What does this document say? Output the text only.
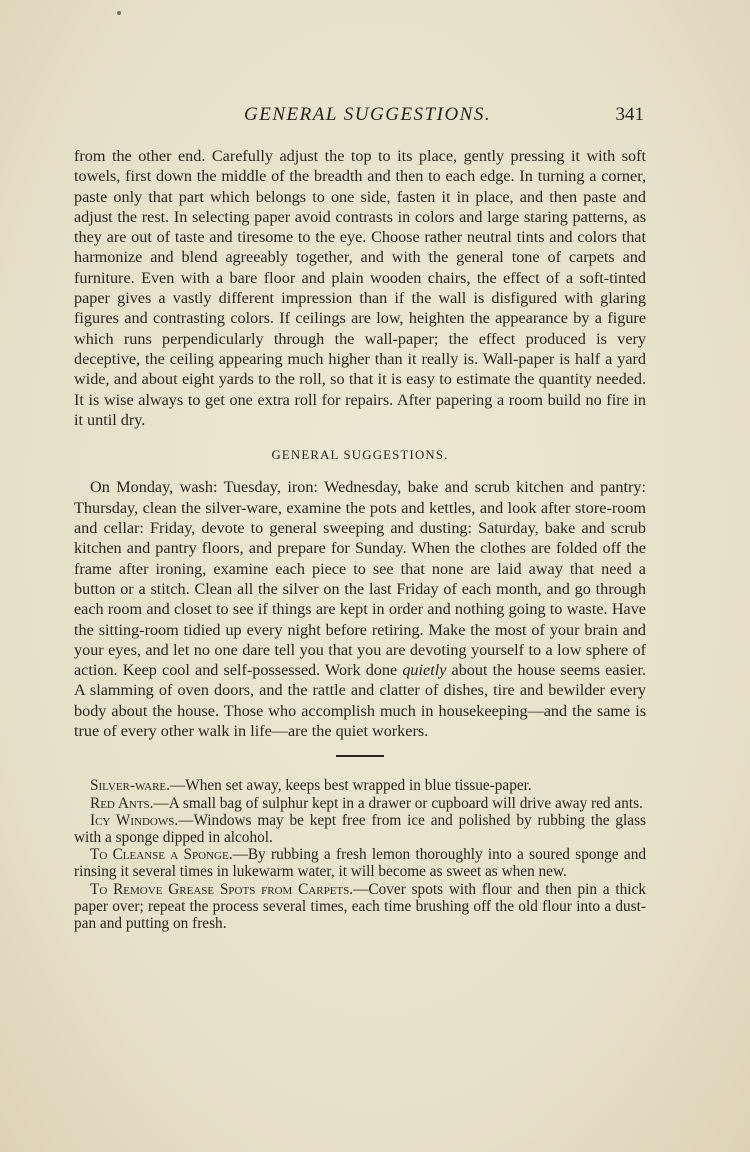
GENERAL SUGGESTIONS.	341

from the other end. Carefully adjust the top to its place, gently pressing it with soft towels, first down the middle of the breadth and then to each edge. In turning a corner, paste only that part which belongs to one side, fasten it in place, and then paste and adjust the rest. In selecting paper avoid contrasts in colors and large staring patterns, as they are out of taste and tiresome to the eye. Choose rather neutral tints and colors that harmonize and blend agreeably together, and with the general tone of carpets and furniture. Even with a bare floor and plain wooden chairs, the effect of a soft-tinted paper gives a vastly different impression than if the wall is disfigured with glaring figures and contrasting colors. If ceilings are low, heighten the appearance by a figure which runs perpendicularly through the wall-paper; the effect produced is very deceptive, the ceiling appearing much higher than it really is. Wall-paper is half a yard wide, and about eight yards to the roll, so that it is easy to estimate the quantity needed. It is wise always to get one extra roll for repairs. After papering a room build no fire in it until dry.

GENERAL SUGGESTIONS.

On Monday, wash: Tuesday, iron: Wednesday, bake and scrub kitchen and pantry: Thursday, clean the silver-ware, examine the pots and kettles, and look after store-room and cellar: Friday, devote to general sweeping and dusting: Saturday, bake and scrub kitchen and pantry floors, and prepare for Sunday. When the clothes are folded off the frame after ironing, examine each piece to see that none are laid away that need a button or a stitch. Clean all the silver on the last Friday of each month, and go through each room and closet to see if things are kept in order and nothing going to waste. Have the sitting-room tidied up every night before retiring. Make the most of your brain and your eyes, and let no one dare tell you that you are devoting yourself to a low sphere of action. Keep cool and self-possessed. Work done quietly about the house seems easier. A slamming of oven doors, and the rattle and clatter of dishes, tire and bewilder every body about the house. Those who accomplish much in housekeeping—and the same is true of every other walk in life—are the quiet workers.

Silver-ware.—When set away, keeps best wrapped in blue tissue-paper.

Red Ants.—A small bag of sulphur kept in a drawer or cupboard will drive away red ants.

Icy Windows.—Windows may be kept free from ice and polished by rubbing the glass with a sponge dipped in alcohol.

To Cleanse a Sponge.—By rubbing a fresh lemon thoroughly into a soured sponge and rinsing it several times in lukewarm water, it will become as sweet as when new.

To Remove Grease Spots from Carpets.—Cover spots with flour and then pin a thick paper over; repeat the process several times, each time brushing off the old flour into a dust-pan and putting on fresh.
